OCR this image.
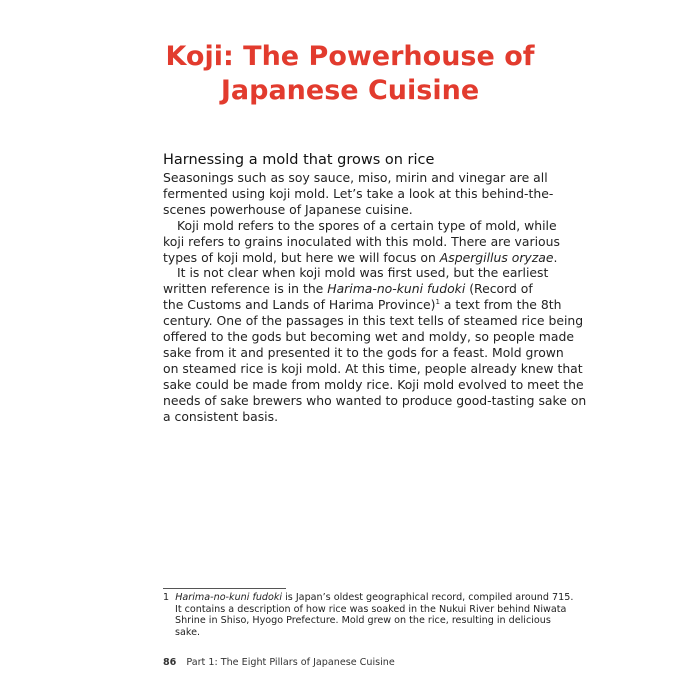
Koji: The Powerhouse of
Japanese Cuisine
Harnessing a mold that grows on rice
Seasonings such as soy sauce, miso, mirin and vinegar are all
fermented using koji mold. Let’s take a look at this behind-the-
scenes powerhouse of Japanese cuisine.
Koji mold refers to the spores of a certain type of mold, while
koji refers to grains inoculated with this mold. There are various
types of koji mold, but here we will focus on Aspergillus oryzae.
It is not clear when koji mold was first used, but the earliest
written reference is in the Harima-no-kuni fudoki (Record of
the Customs and Lands of Harima Province)$^1$ a text from the 8th
century. One of the passages in this text tells of steamed rice being
offered to the gods but becoming wet and moldy, so people made
sake from it and presented it to the gods for a feast. Mold grown
on steamed rice is koji mold. At this time, people already knew that
sake could be made from moldy rice. Koji mold evolved to meet the
needs of sake brewers who wanted to produce good-tasting sake on
a consistent basis.
1 Harima-no-kuni fudoki is Japan’s oldest geographical record, compiled around 715.
It contains a description of how rice was soaked in the Nukui River behind Niwata
Shrine in Shiso, Hyogo Prefecture. Mold grew on the rice, resulting in delicious
sake.
86 Part 1: The Eight Pillars of Japanese Cuisine
